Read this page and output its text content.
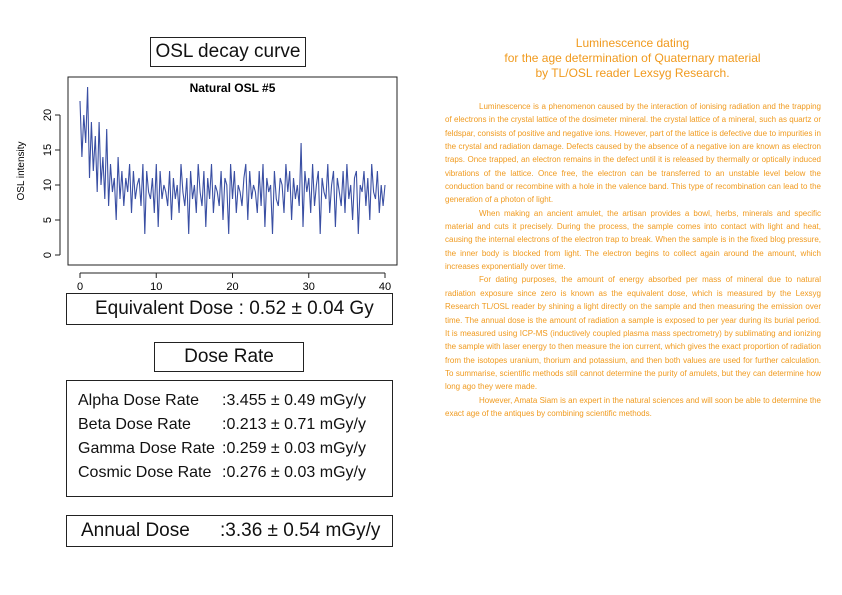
OSL decay curve
Natural OSL #5
0	10	20	30	40
0
5
10
15
20
OSL intensity
Equivalent Dose : 0.52 ± 0.04 Gy
Dose Rate
Alpha Dose Rate :3.455 ± 0.49 mGy/y
Beta Dose Rate :0.213 ± 0.71 mGy/y
Gamma Dose Rate :0.259 ± 0.03 mGy/y
Cosmic Dose Rate :0.276 ± 0.03 mGy/y
Annual Dose :3.36 ± 0.54 mGy/y
Luminescence dating
for the age determination of Quaternary material
by TL/OSL reader Lexsyg Research.

Luminescence is a phenomenon caused by the interaction of ionising radiation and the trapping of electrons in the crystal lattice of the dosimeter mineral. the crystal lattice of a mineral, such as quartz or feldspar, consists of positive and negative ions. However, part of the lattice is defective due to impurities in the crystal and radiation damage. Defects caused by the absence of a negative ion are known as electron traps. Once trapped, an electron remains in the defect until it is released by thermally or optically induced vibrations of the lattice. Once free, the electron can be transferred to an unstable level below the conduction band or recombine with a hole in the valence band. This type of recombination can lead to the generation of a photon of light.

When making an ancient amulet, the artisan provides a bowl, herbs, minerals and specific material and cuts it precisely. During the process, the sample comes into contact with light and heat, causing the internal electrons of the electron trap to break. When the sample is in the fixed blog pressure, the inner body is blocked from light. The electron begins to collect again around the amount, which increases exponentially over time.

For dating purposes, the amount of energy absorbed per mass of mineral due to natural radiation exposure since zero is known as the equivalent dose, which is measured by the Lexsyg Research TL/OSL reader by shining a light directly on the sample and then measuring the emission over time. The annual dose is the amount of radiation a sample is exposed to per year during its burial period. It is measured using ICP-MS (inductively coupled plasma mass spectrometry) by sublimating and ionizing the sample with laser energy to then measure the ion current, which gives the exact proportion of radiation from the isotopes uranium, thorium and potassium, and then both values are used for further calculation. To summarise, scientific methods still cannot determine the purity of amulets, but they can determine how long ago they were made.

However, Amata Siam is an expert in the natural sciences and will soon be able to determine the exact age of the antiques by combining scientific methods.
